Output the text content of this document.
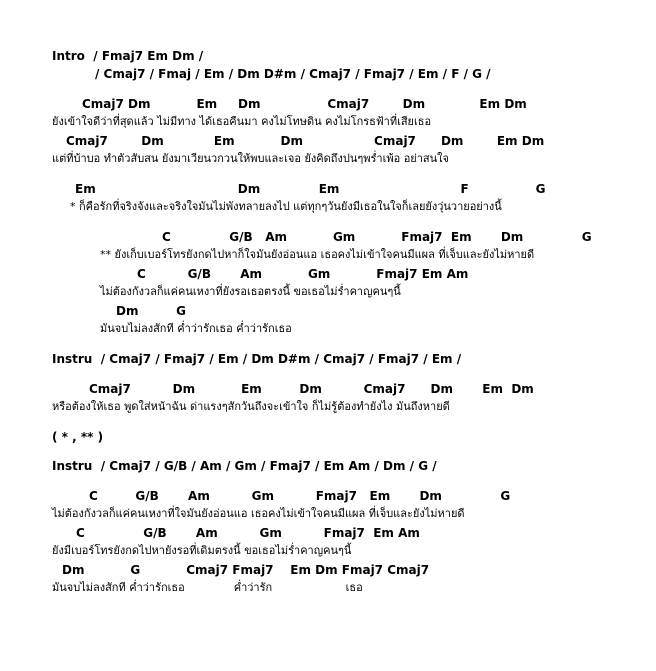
Intro  / Fmaj7 Em Dm /
/ Cmaj7 / Fmaj / Em / Dm D#m / Cmaj7 / Fmaj7 / Em / F / G /
Cmaj7 Dm           Em     Dm                Cmaj7        Dm             Em Dm
ยังเข้าใจดีว่าที่สุดแล้ว ไม่มีทาง ได้เธอคืนมา คงไม่โทษดิน คงไม่โกรธฟ้าที่เสียเธอ
Cmaj7        Dm            Em           Dm                 Cmaj7      Dm        Em Dm
แต่ที่บ้าบอ ทำตัวสับสน ยังมาเวียนวกวนให้พบและเจอ ยังคิดถึงปนๆพร่ำเพ้อ อย่าสนใจ
Em                                  Dm              Em                             F                G
* ก็คือรักที่จริงจังและจริงใจมันไม่พังทลายลงไป แต่ทุกๆวันยังมีเธอในใจก็เลยยังวุ่นวายอย่างนี้
C              G/B   Am           Gm           Fmaj7  Em       Dm              G
** ยังเก็บเบอร์โทรยังกดไปหาก็ใจมันยังอ่อนแอ เธอคงไม่เข้าใจคนมีแผล ที่เจ็บและยังไม่หายดี
C          G/B       Am           Gm           Fmaj7 Em Am
ไม่ต้องกังวลก็แค่คนเหงาที่ยังรอเธอตรงนี้ ขอเธอไม่ร่ำคาญคนๆนี้
Dm         G
มันจบไม่ลงสักที ค่ำว่ารักเธอ ค่ำว่ารักเธอ
Instru  / Cmaj7 / Fmaj7 / Em / Dm D#m / Cmaj7 / Fmaj7 / Em /
Cmaj7          Dm           Em         Dm          Cmaj7      Dm       Em  Dm
หรือต้องให้เธอ พูดใส่หน้าฉัน ด่าแรงๆสักวันถึงจะเข้าใจ ก็ไม่รู้ต้องทำยังไง มันถึงหายดี
( * , ** )
Instru  / Cmaj7 / G/B / Am / Gm / Fmaj7 / Em Am / Dm / G /
C         G/B       Am          Gm          Fmaj7   Em       Dm              G
ไม่ต้องกังวลก็แค่คนเหงาที่ใจมันยังอ่อนแอ เธอคงไม่เข้าใจคนมีแผล ที่เจ็บและยังไม่หายดี
C              G/B       Am          Gm          Fmaj7  Em Am
ยังมีเบอร์โทรยังกดไปหายังรอที่เดิมตรงนี้ ขอเธอไม่ร่ำคาญคนๆนี้
Dm           G           Cmaj7 Fmaj7    Em Dm Fmaj7 Cmaj7
มันจบไม่ลงสักที ค่ำว่ารักเธอ              ค่ำว่ารัก                     เธอ
